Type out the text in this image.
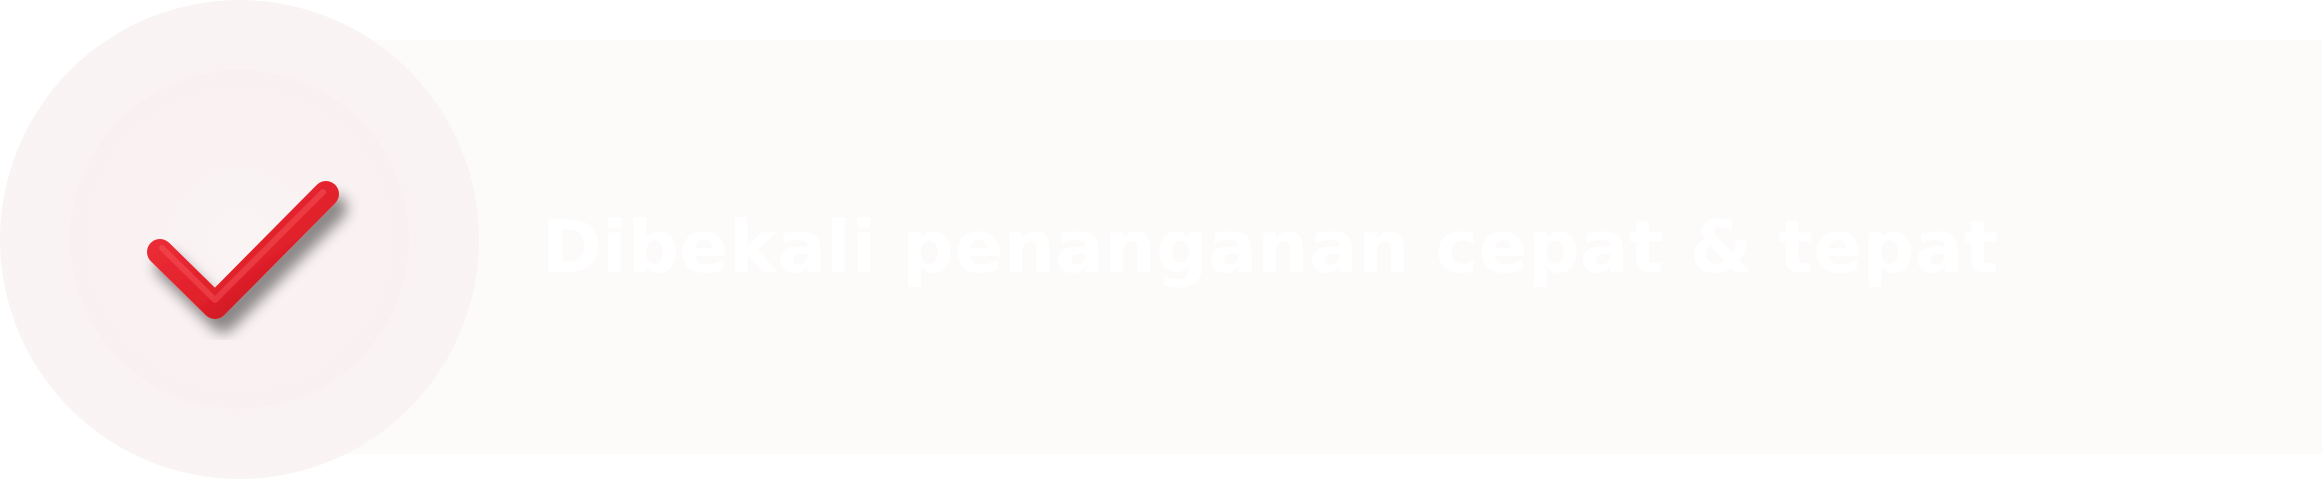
Dibekali penanganan cepat & tepat
